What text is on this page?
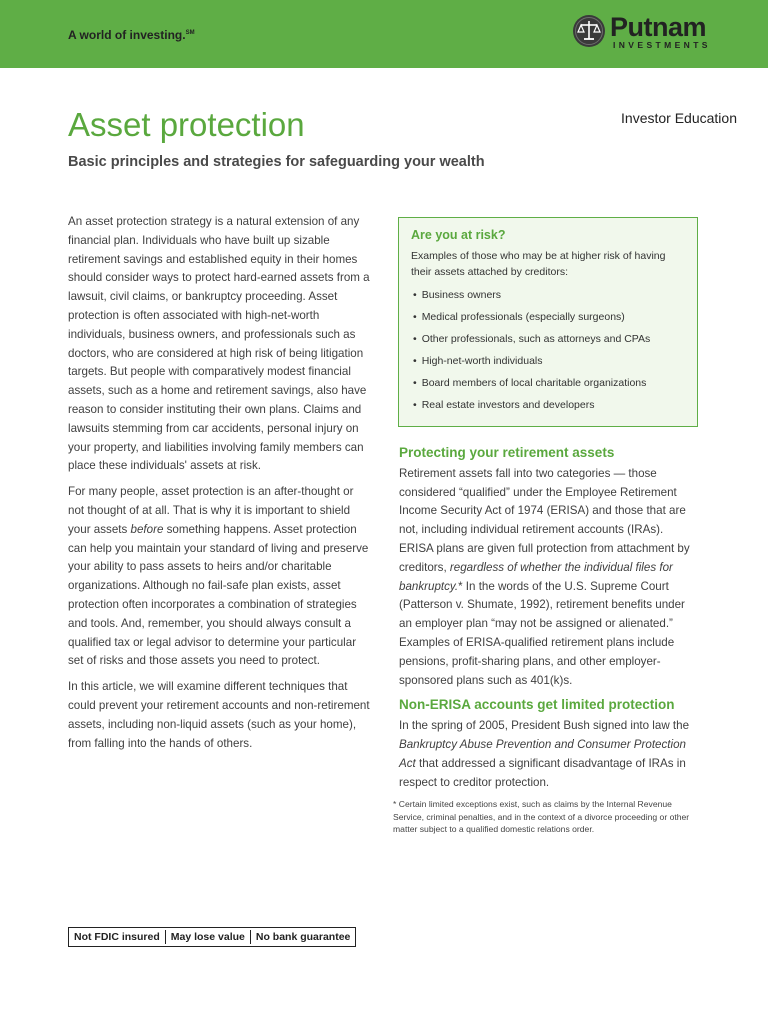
A world of investing.℠	Putnam
INVESTMENTS
Asset protection	Investor Education
Basic principles and strategies for safeguarding your wealth

An asset protection strategy is a natural extension of any financial plan. Individuals who have built up sizable retirement savings and established equity in their homes should consider ways to protect hard-earned assets from a lawsuit, civil claims, or bankruptcy proceeding. Asset protection is often associated with high-net-worth individuals, business owners, and professionals such as doctors, who are considered at high risk of being litigation targets. But people with comparatively modest financial assets, such as a home and retirement savings, also have reason to consider instituting their own plans. Claims and lawsuits stemming from car accidents, personal injury on your property, and liabilities involving family members can place these individuals' assets at risk.

For many people, asset protection is an after-thought or not thought of at all. That is why it is important to shield your assets before something happens. Asset protection can help you maintain your standard of living and preserve your ability to pass assets to heirs and/or charitable organizations. Although no fail-safe plan exists, asset protection often incorporates a combination of strategies and tools. And, remember, you should always consult a qualified tax or legal advisor to determine your particular set of risks and those assets you need to protect.

In this article, we will examine different techniques that could prevent your retirement accounts and non-retirement assets, including non-liquid assets (such as your home), from falling into the hands of others.

Are you at risk?
Examples of those who may be at higher risk of having their assets attached by creditors:
• Business owners
• Medical professionals (especially surgeons)
• Other professionals, such as attorneys and CPAs
• High-net-worth individuals
• Board members of local charitable organizations
• Real estate investors and developers
Protecting your retirement assets

Retirement assets fall into two categories — those considered “qualified” under the Employee Retirement Income Security Act of 1974 (ERISA) and those that are not, including individual retirement accounts (IRAs). ERISA plans are given full protection from attachment by creditors, regardless of whether the individual files for bankruptcy.* In the words of the U.S. Supreme Court (Patterson v. Shumate, 1992), retirement benefits under an employer plan “may not be assigned or alienated.” Examples of ERISA-qualified retirement plans include pensions, profit-sharing plans, and other employer-sponsored plans such as 401(k)s.

Non-ERISA accounts get limited protection

In the spring of 2005, President Bush signed into law the Bankruptcy Abuse Prevention and Consumer Protection Act that addressed a significant disadvantage of IRAs in respect to creditor protection.

* Certain limited exceptions exist, such as claims by the Internal Revenue Service, criminal penalties, and in the context of a divorce proceeding or other matter subject to a qualified domestic relations order.
Not FDIC insured May lose value No bank guarantee
